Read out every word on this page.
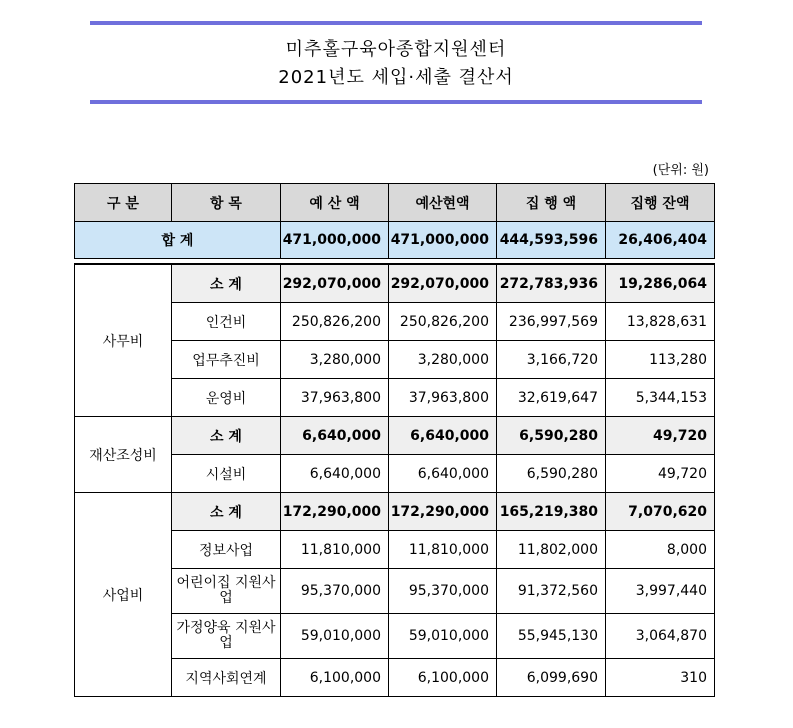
미추홀구육아종합지원센터
2021년도 세입·세출 결산서
(단위: 원)
구 분	항 목	예 산 액	예산현액	집 행 액	집행 잔액
합 계		471,000,000	471,000,000	444,593,596	26,406,404

사무비	소 계	292,070,000	292,070,000	272,783,936	19,286,064
	인건비	250,826,200	250,826,200	236,997,569	13,828,631
	업무추진비	3,280,000	3,280,000	3,166,720	113,280
	운영비	37,963,800	37,963,800	32,619,647	5,344,153
재산조성비	소 계	6,640,000	6,640,000	6,590,280	49,720
	시설비	6,640,000	6,640,000	6,590,280	49,720
사업비	소 계	172,290,000	172,290,000	165,219,380	7,070,620
	정보사업	11,810,000	11,810,000	11,802,000	8,000
	어린이집 지원사업	95,370,000	95,370,000	91,372,560	3,997,440
	가정양육 지원사업	59,010,000	59,010,000	55,945,130	3,064,870
	지역사회연계	6,100,000	6,100,000	6,099,690	310
